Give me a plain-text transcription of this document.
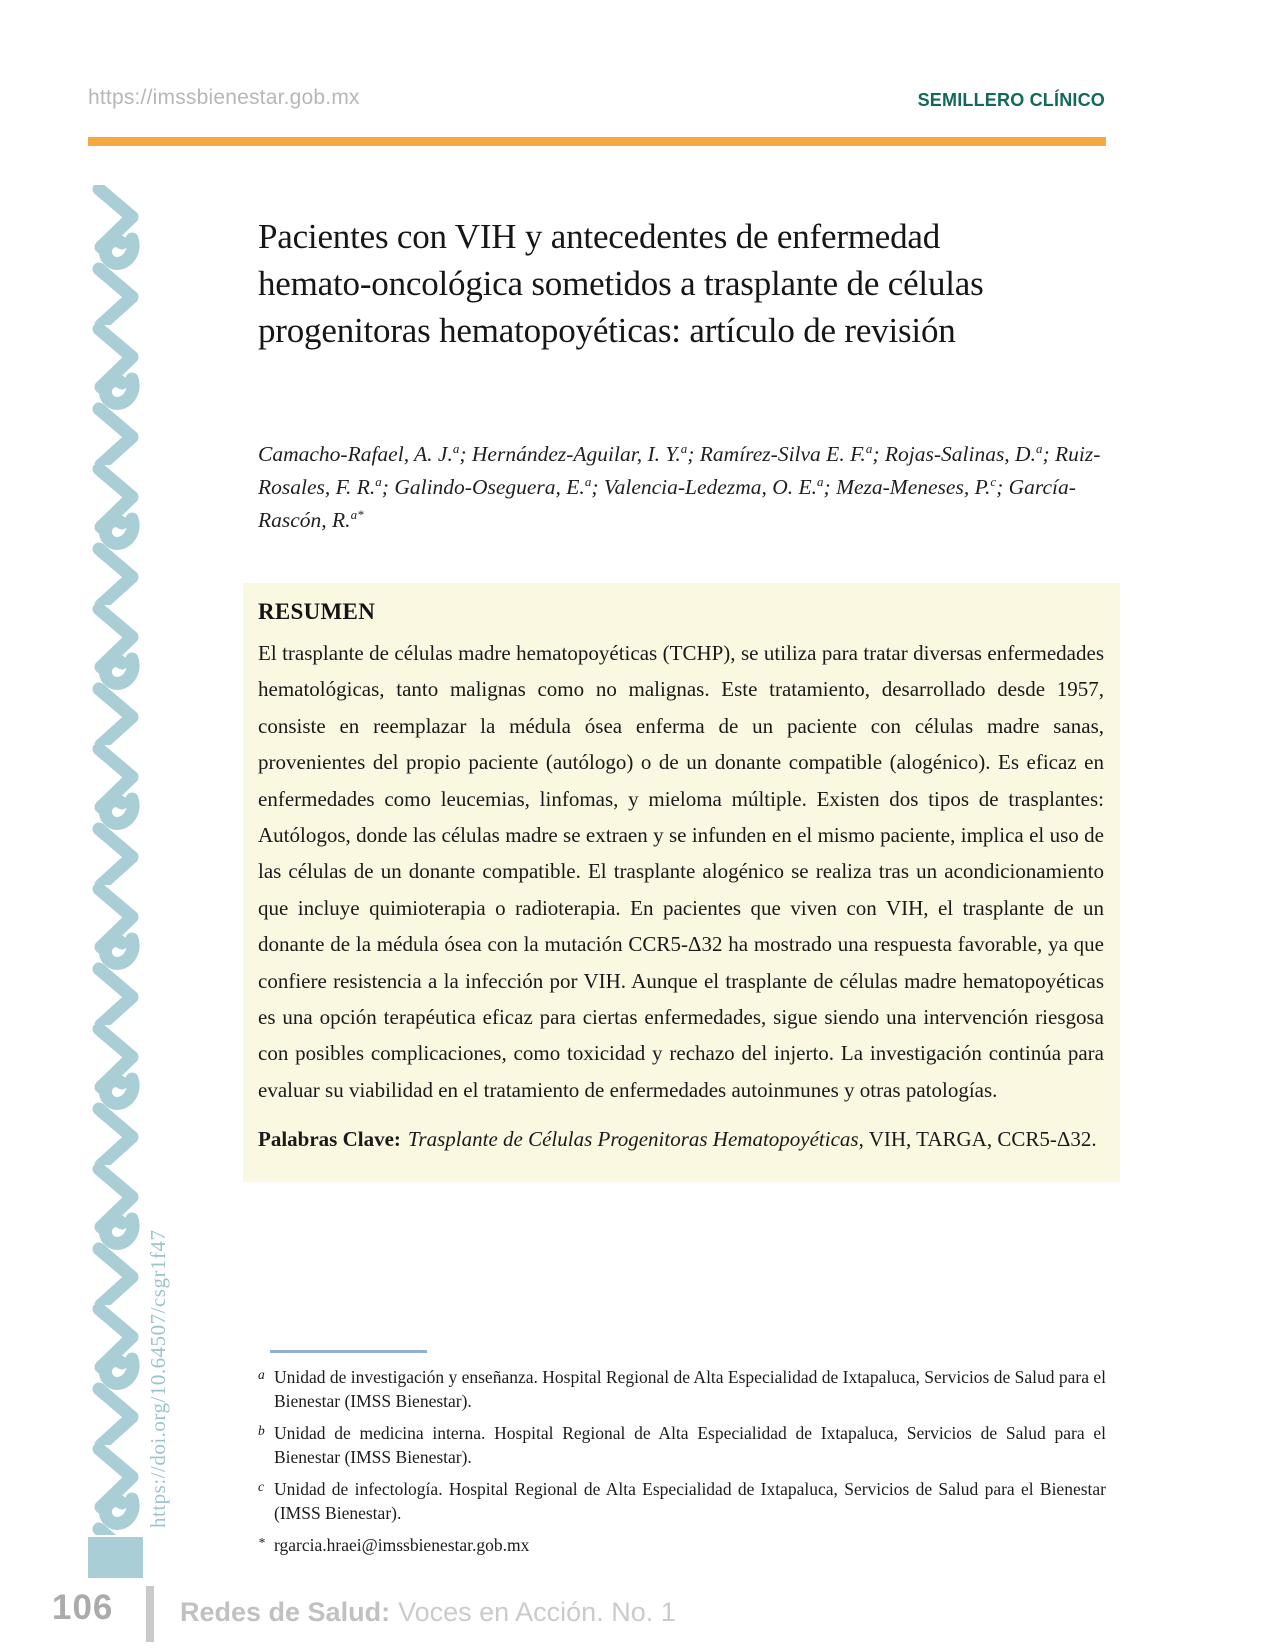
https://imssbienestar.gob.mx	SEMILLERO CLÍNICO
https://doi.org/10.64507/csgr1f47
Pacientes con VIH y antecedentes de enfermedad hemato-oncológica sometidos a trasplante de células progenitoras hematopoyéticas: artículo de revisión

Camacho-Rafael, A. J.$^a$; Hernández-Aguilar, I. Y.$^a$; Ramírez-Silva E. F.$^a$; Rojas-Salinas, D.$^a$; Ruiz-Rosales, F. R.$^a$; Galindo-Oseguera, E.$^a$; Valencia-Ledezma, O. E.$^a$; Meza-Meneses, P.$^c$; García-Rascón, R.$^{a*}$

RESUMEN

El trasplante de células madre hematopoyéticas (TCHP), se utiliza para tratar diversas enfermedades hematológicas, tanto malignas como no malignas. Este tratamiento, desarrollado desde 1957, consiste en reemplazar la médula ósea enferma de un paciente con células madre sanas, provenientes del propio paciente (autólogo) o de un donante compatible (alogénico). Es eficaz en enfermedades como leucemias, linfomas, y mieloma múltiple. Existen dos tipos de trasplantes: Autólogos, donde las células madre se extraen y se infunden en el mismo paciente, implica el uso de las células de un donante compatible. El trasplante alogénico se realiza tras un acondicionamiento que incluye quimioterapia o radioterapia. En pacientes que viven con VIH, el trasplante de un donante de la médula ósea con la mutación CCR5-Δ32 ha mostrado una respuesta favorable, ya que confiere resistencia a la infección por VIH. Aunque el trasplante de células madre hematopoyéticas es una opción terapéutica eficaz para ciertas enfermedades, sigue siendo una intervención riesgosa con posibles complicaciones, como toxicidad y rechazo del injerto. La investigación continúa para evaluar su viabilidad en el tratamiento de enfermedades autoinmunes y otras patologías.

Palabras Clave: Trasplante de Células Progenitoras Hematopoyéticas, VIH, TARGA, CCR5-Δ32.

a Unidad de investigación y enseñanza. Hospital Regional de Alta Especialidad de Ixtapaluca, Servicios de Salud para el Bienestar (IMSS Bienestar).
b Unidad de medicina interna. Hospital Regional de Alta Especialidad de Ixtapaluca, Servicios de Salud para el Bienestar (IMSS Bienestar).
c Unidad de infectología. Hospital Regional de Alta Especialidad de Ixtapaluca, Servicios de Salud para el Bienestar (IMSS Bienestar).
* rgarcia.hraei@imssbienestar.gob.mx
106 Redes de Salud: Voces en Acción. No. 1
